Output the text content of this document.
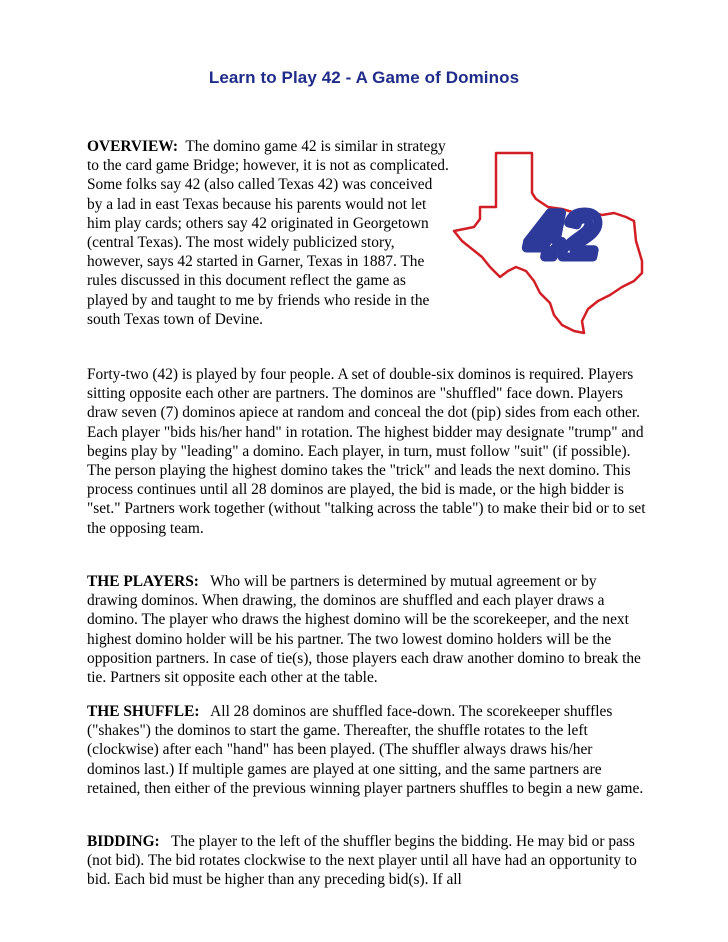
Learn to Play 42 - A Game of Dominos

OVERVIEW: The domino game 42 is similar in strategy to the card game Bridge; however, it is not as complicated. Some folks say 42 (also called Texas 42) was conceived by a lad in east Texas because his parents would not let him play cards; others say 42 originated in Georgetown (central Texas). The most widely publicized story, however, says 42 started in Garner, Texas in 1887. The rules discussed in this document reflect the game as played by and taught to me by friends who reside in the south Texas town of Devine.

42

Forty-two (42) is played by four people. A set of double-six dominos is required. Players sitting opposite each other are partners. The dominos are "shuffled" face down. Players draw seven (7) dominos apiece at random and conceal the dot (pip) sides from each other. Each player "bids his/her hand" in rotation. The highest bidder may designate "trump" and begins play by "leading" a domino. Each player, in turn, must follow "suit" (if possible). The person playing the highest domino takes the "trick" and leads the next domino. This process continues until all 28 dominos are played, the bid is made, or the high bidder is "set." Partners work together (without "talking across the table") to make their bid or to set the opposing team.

THE PLAYERS: Who will be partners is determined by mutual agreement or by drawing dominos. When drawing, the dominos are shuffled and each player draws a domino. The player who draws the highest domino will be the scorekeeper, and the next highest domino holder will be his partner. The two lowest domino holders will be the opposition partners. In case of tie(s), those players each draw another domino to break the tie. Partners sit opposite each other at the table.

THE SHUFFLE: All 28 dominos are shuffled face-down. The scorekeeper shuffles ("shakes") the dominos to start the game. Thereafter, the shuffle rotates to the left (clockwise) after each "hand" has been played. (The shuffler always draws his/her dominos last.) If multiple games are played at one sitting, and the same partners are retained, then either of the previous winning player partners shuffles to begin a new game.

BIDDING: The player to the left of the shuffler begins the bidding. He may bid or pass (not bid). The bid rotates clockwise to the next player until all have had an opportunity to bid. Each bid must be higher than any preceding bid(s). If all
